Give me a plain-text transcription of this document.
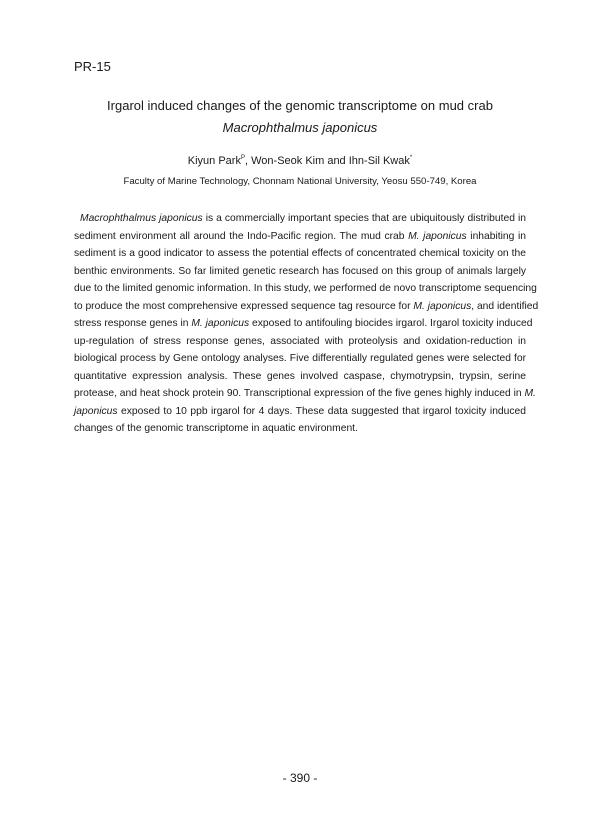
PR-15
Irgarol induced changes of the genomic transcriptome on mud crab
Macrophthalmus japonicus
Kiyun Park$^P$, Won-Seok Kim and Ihn-Sil Kwak*
Faculty of Marine Technology, Chonnam National University, Yeosu 550-749, Korea
Macrophthalmus japonicus is a commercially important species that are ubiquitously distributed in
sediment environment all around the Indo-Pacific region. The mud crab M. japonicus inhabiting in
sediment is a good indicator to assess the potential effects of concentrated chemical toxicity on the
benthic environments. So far limited genetic research has focused on this group of animals largely
due to the limited genomic information. In this study, we performed de novo transcriptome sequencing
to produce the most comprehensive expressed sequence tag resource for M. japonicus, and identified
stress response genes in M. japonicus exposed to antifouling biocides irgarol. Irgarol toxicity induced
up-regulation of stress response genes, associated with proteolysis and oxidation-reduction in
biological process by Gene ontology analyses. Five differentially regulated genes were selected for
quantitative expression analysis. These genes involved caspase, chymotrypsin, trypsin, serine
protease, and heat shock protein 90. Transcriptional expression of the five genes highly induced in M.
japonicus exposed to 10 ppb irgarol for 4 days. These data suggested that irgarol toxicity induced
changes of the genomic transcriptome in aquatic environment.
- 390 -
